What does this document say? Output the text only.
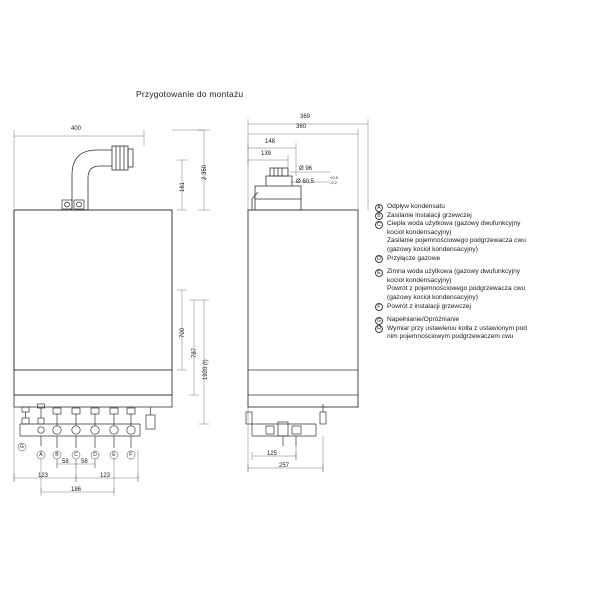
Przygotowanie do montażu
400
2 350
161
700
787
1920 (I)
58 58
123	123
186
G
A	B	C	D	E	F
369
360
148
139
Ø 96
Ø 60,5
+0,5
-0,2
125
257
A Odpływ kondensatu
B Zasilanie instalacji grzewczej
C Ciepła woda użytkowa (gazowy dwufunkcyjny
kocioł kondensacyjny)
Zasilanie pojemnościowego podgrzewacza cwu
(gazowy kocioł kondensacyjny)
D Przyłącze gazowe
E Zimna woda użytkowa (gazowy dwufunkcyjny
kocioł kondensacyjny)
Powrót z pojemnościowego podgrzewacza cwu
(gazowy kocioł kondensacyjny)
F Powrót z instalacji grzewczej
G Napełnianie/Opróżnianie
H Wymiar przy ustawieniu kotła z ustawionym pod
nim pojemnościowym podgrzewaczem cwu
